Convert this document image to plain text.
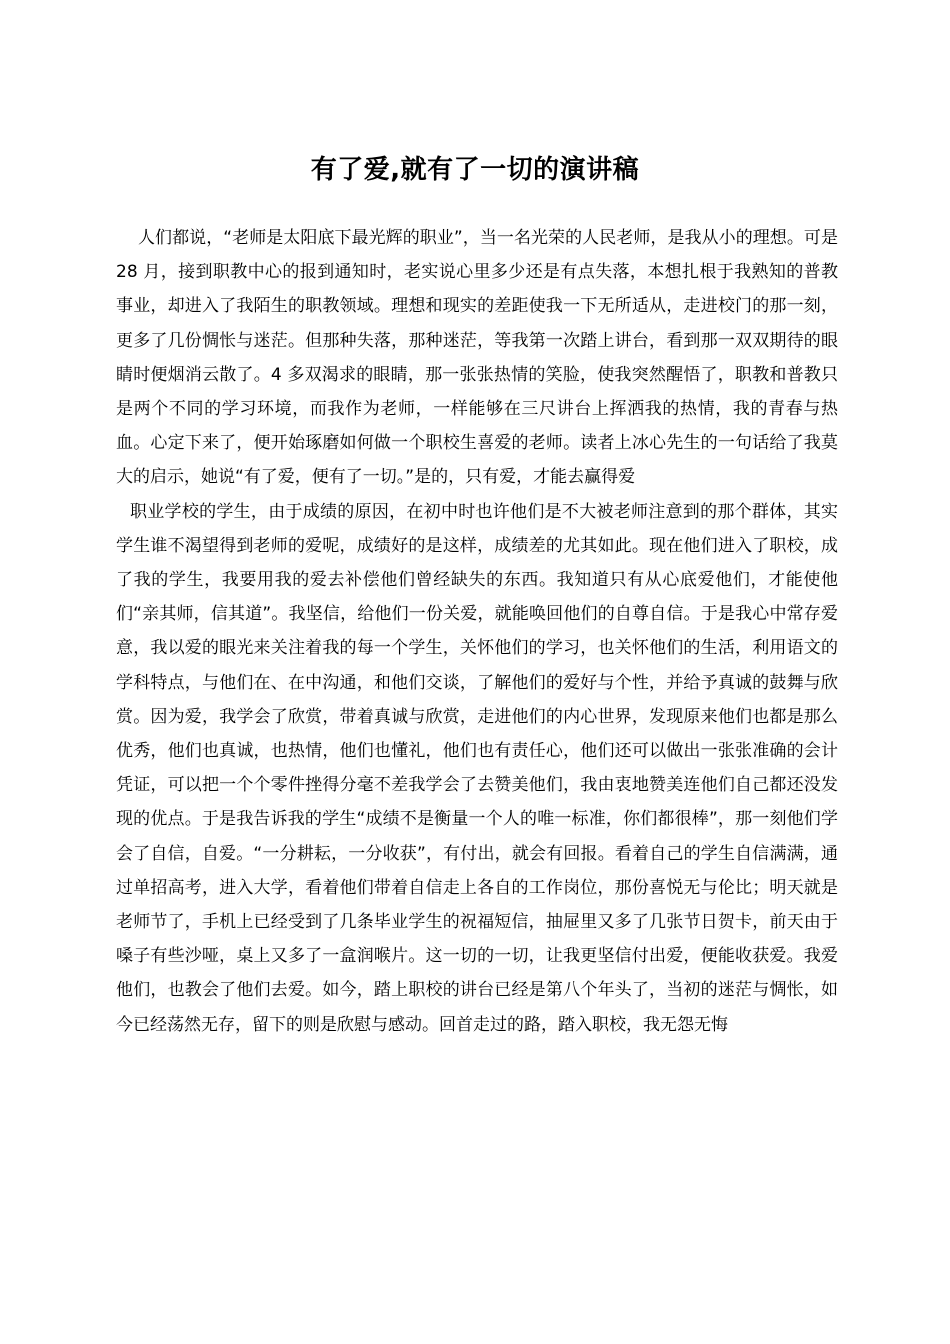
有了爱,就有了一切的演讲稿

人们都说，“老师是太阳底下最光辉的职业”，当一名光荣的人民老师，是我从小的理想。可是 28 月，接到职教中心的报到通知时，老实说心里多少还是有点失落，本想扎根于我熟知的普教事业，却进入了我陌生的职教领域。理想和现实的差距使我一下无所适从，走进校门的那一刻，更多了几份惆怅与迷茫。但那种失落，那种迷茫，等我第一次踏上讲台，看到那一双双期待的眼睛时便烟消云散了。4 多双渴求的眼睛，那一张张热情的笑脸，使我突然醒悟了，职教和普教只是两个不同的学习环境，而我作为老师，一样能够在三尺讲台上挥洒我的热情，我的青春与热血。心定下来了，便开始琢磨如何做一个职校生喜爱的老师。读者上冰心先生的一句话给了我莫大的启示，她说“有了爱，便有了一切。”是的，只有爱，才能去赢得爱

职业学校的学生，由于成绩的原因，在初中时也许他们是不大被老师注意到的那个群体，其实学生谁不渴望得到老师的爱呢，成绩好的是这样，成绩差的尤其如此。现在他们进入了职校，成了我的学生，我要用我的爱去补偿他们曾经缺失的东西。我知道只有从心底爱他们，才能使他们“亲其师，信其道”。我坚信，给他们一份关爱，就能唤回他们的自尊自信。于是我心中常存爱意，我以爱的眼光来关注着我的每一个学生，关怀他们的学习，也关怀他们的生活，利用语文的学科特点，与他们在、在中沟通，和他们交谈，了解他们的爱好与个性，并给予真诚的鼓舞与欣赏。因为爱，我学会了欣赏，带着真诚与欣赏，走进他们的内心世界，发现原来他们也都是那么优秀，他们也真诚，也热情，他们也懂礼，他们也有责任心，他们还可以做出一张张准确的会计凭证，可以把一个个零件挫得分毫不差我学会了去赞美他们，我由衷地赞美连他们自己都还没发现的优点。于是我告诉我的学生“成绩不是衡量一个人的唯一标准，你们都很棒”，那一刻他们学会了自信，自爱。“一分耕耘，一分收获”，有付出，就会有回报。看着自己的学生自信满满，通过单招高考，进入大学，看着他们带着自信走上各自的工作岗位，那份喜悦无与伦比；明天就是老师节了，手机上已经受到了几条毕业学生的祝福短信，抽屉里又多了几张节日贺卡，前天由于嗓子有些沙哑，桌上又多了一盒润喉片。这一切的一切，让我更坚信付出爱，便能收获爱。我爱他们，也教会了他们去爱。如今，踏上职校的讲台已经是第八个年头了，当初的迷茫与惆怅，如今已经荡然无存，留下的则是欣慰与感动。回首走过的路，踏入职校，我无怨无悔
